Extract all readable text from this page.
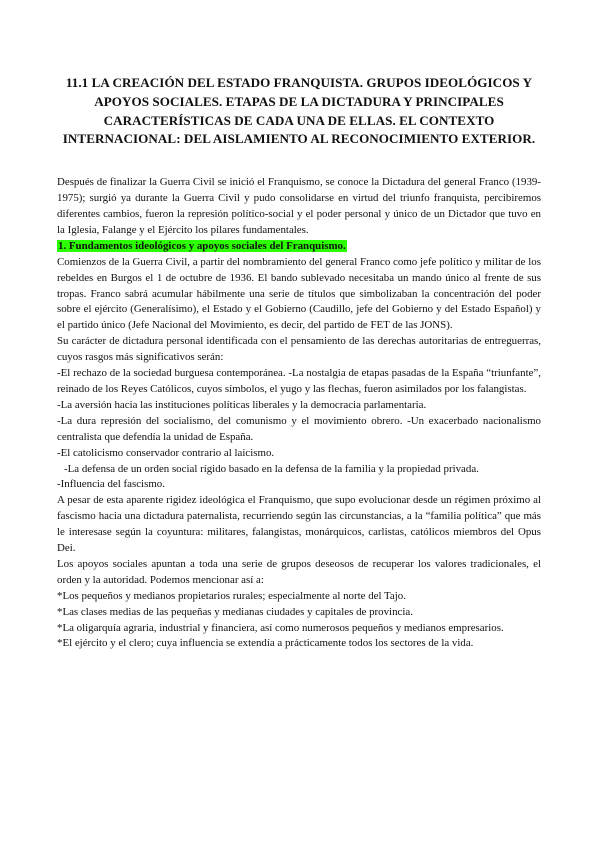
11.1 LA CREACIÓN DEL ESTADO FRANQUISTA. GRUPOS IDEOLÓGICOS Y APOYOS SOCIALES. ETAPAS DE LA DICTADURA Y PRINCIPALES CARACTERÍSTICAS DE CADA UNA DE ELLAS. EL CONTEXTO INTERNACIONAL: DEL AISLAMIENTO AL RECONOCIMIENTO EXTERIOR.

Después de finalizar la Guerra Civil se inició el Franquismo, se conoce la Dictadura del general Franco (1939-1975); surgió ya durante la Guerra Civil y pudo consolidarse en virtud del triunfo franquista, percibiremos diferentes cambios, fueron la represión político-social y el poder personal y único de un Dictador que tuvo en la Iglesia, Falange y el Ejército los pilares fundamentales.

1. Fundamentos ideológicos y apoyos sociales del Franquismo.

Comienzos de la Guerra Civil, a partir del nombramiento del general Franco como jefe político y militar de los rebeldes en Burgos el 1 de octubre de 1936. El bando sublevado necesitaba un mando único al frente de sus tropas. Franco sabrá acumular hábilmente una serie de títulos que simbolizaban la concentración del poder sobre el ejército (Generalísimo), el Estado y el Gobierno (Caudillo, jefe del Gobierno y del Estado Español) y el partido único (Jefe Nacional del Movimiento, es decir, del partido de FET de las JONS).

Su carácter de dictadura personal identificada con el pensamiento de las derechas autoritarias de entreguerras, cuyos rasgos más significativos serán:

-El rechazo de la sociedad burguesa contemporánea. -La nostalgia de etapas pasadas de la España “triunfante”, reinado de los Reyes Católicos, cuyos símbolos, el yugo y las flechas, fueron asimilados por los falangistas.

-La aversión hacia las instituciones políticas liberales y la democracia parlamentaria.

-La dura represión del socialismo, del comunismo y el movimiento obrero. -Un exacerbado nacionalismo centralista que defendía la unidad de España.

-El catolicismo conservador contrario al laicismo.

-La defensa de un orden social rígido basado en la defensa de la familia y la propiedad privada.

-Influencia del fascismo.

A pesar de esta aparente rigidez ideológica el Franquismo, que supo evolucionar desde un régimen próximo al fascismo hacia una dictadura paternalista, recurriendo según las circunstancias, a la “familia política” que más le interesase según la coyuntura: militares, falangistas, monárquicos, carlistas, católicos miembros del Opus Dei.

Los apoyos sociales apuntan a toda una serie de grupos deseosos de recuperar los valores tradicionales, el orden y la autoridad. Podemos mencionar así a:

*Los pequeños y medianos propietarios rurales; especialmente al norte del Tajo.

*Las clases medias de las pequeñas y medianas ciudades y capitales de provincia.

*La oligarquía agraria, industrial y financiera, así como numerosos pequeños y medianos empresarios.

*El ejército y el clero; cuya influencia se extendía a prácticamente todos los sectores de la vida.
